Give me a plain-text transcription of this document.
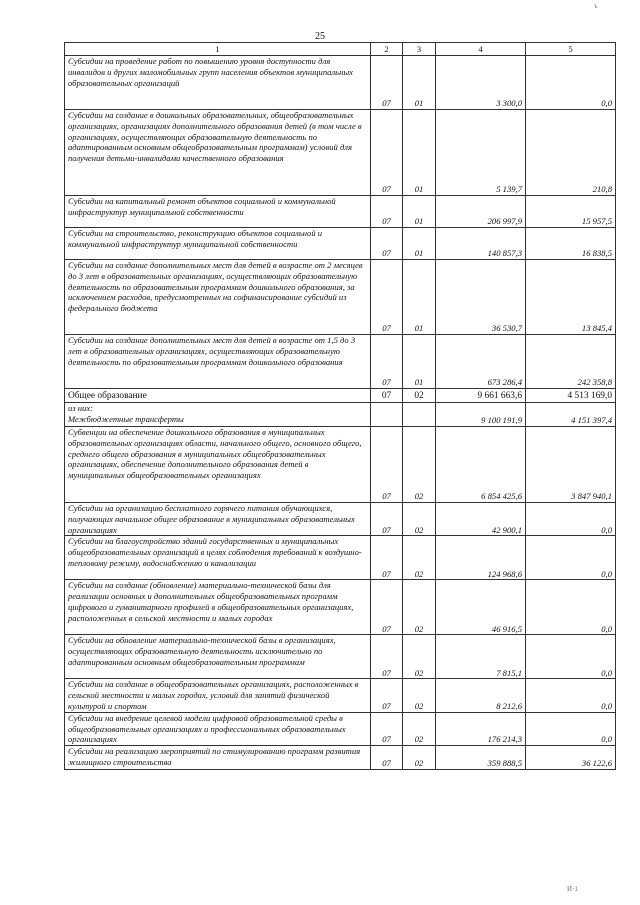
ъ
25
1	2	3	4	5
Субсидии на проведение работ по повышению уровня доступности для инвалидов и других маломобильных групп населения объектов муниципальных образовательных организаций	07	01	3 300,0	0,0
Субсидии на создание в дошкольных образовательных, общеобразовательных организациях, организациях дополнительного образования детей (в том числе в организациях, осуществляющих образовательную деятельность по адаптированным основным общеобразовательным программам) условий для получения детьми-инвалидами качественного образования	07	01	5 139,7	210,8
Субсидии на капитальный ремонт объектов социальной и коммунальной инфраструктур муниципальной собственности	07	01	206 997,9	15 957,5
Субсидии на строительство, реконструкцию объектов социальной и коммунальной инфраструктур муниципальной собственности	07	01	140 857,3	16 838,5
Субсидии на создание дополнительных мест для детей в возрасте от 2 месяцев до 3 лет в образовательных организациях, осуществляющих образовательную деятельность по образовательным программам дошкольного образования, за исключением расходов, предусмотренных на софинансирование субсидий из федерального бюджета	07	01	36 530,7	13 845,4
Субсидии на создание дополнительных мест для детей в возрасте от 1,5 до 3 лет в образовательных организациях, осуществляющих образовательную деятельность по образовательным программам дошкольного образования	07	01	673 286,4	242 358,8
Общее образование	07	02	9 661 663,6	4 513 169,0
из них:
Межбюджетные трансферты			9 100 191,9	4 151 397,4
Субвенции на обеспечение дошкольного образования в муниципальных образовательных организациях области, начального общего, основного общего, среднего общего образования в муниципальных общеобразовательных организациях, обеспечение дополнительного образования детей в муниципальных общеобразовательных организациях	07	02	6 854 425,6	3 847 940,1
Субсидии на организацию бесплатного горячего питания обучающихся, получающих начальное общее образование в муниципальных образовательных организациях	07	02	42 900,1	0,0
Субсидии на благоустройство зданий государственных и муниципальных общеобразовательных организаций в целях соблюдения требований к воздушно-тепловому режиму, водоснабжению и канализации	07	02	124 968,6	0,0
Субсидии на создание (обновление) материально-технической базы для реализации основных и дополнительных общеобразовательных программ цифрового и гуманитарного профилей в общеобразовательных организациях, расположенных в сельской местности и малых городах	07	02	46 916,5	0,0
Субсидии на обновление материально-технической базы в организациях, осуществляющих образовательную деятельность исключительно по адаптированным основным общеобразовательным программам	07	02	7 815,1	0,0
Субсидии на создание в общеобразовательных организациях, расположенных в сельской местности и малых городах, условий для занятий физической культурой и спортом	07	02	8 212,6	0,0
Субсидии на внедрение целевой модели цифровой образовательной среды в общеобразовательных организациях и профессиональных образовательных организациях	07	02	176 214,3	0,0
Субсидии на реализацию мероприятий по стимулированию программ развития жилищного строительства	07	02	359 888,5	36 122,6
И·1
